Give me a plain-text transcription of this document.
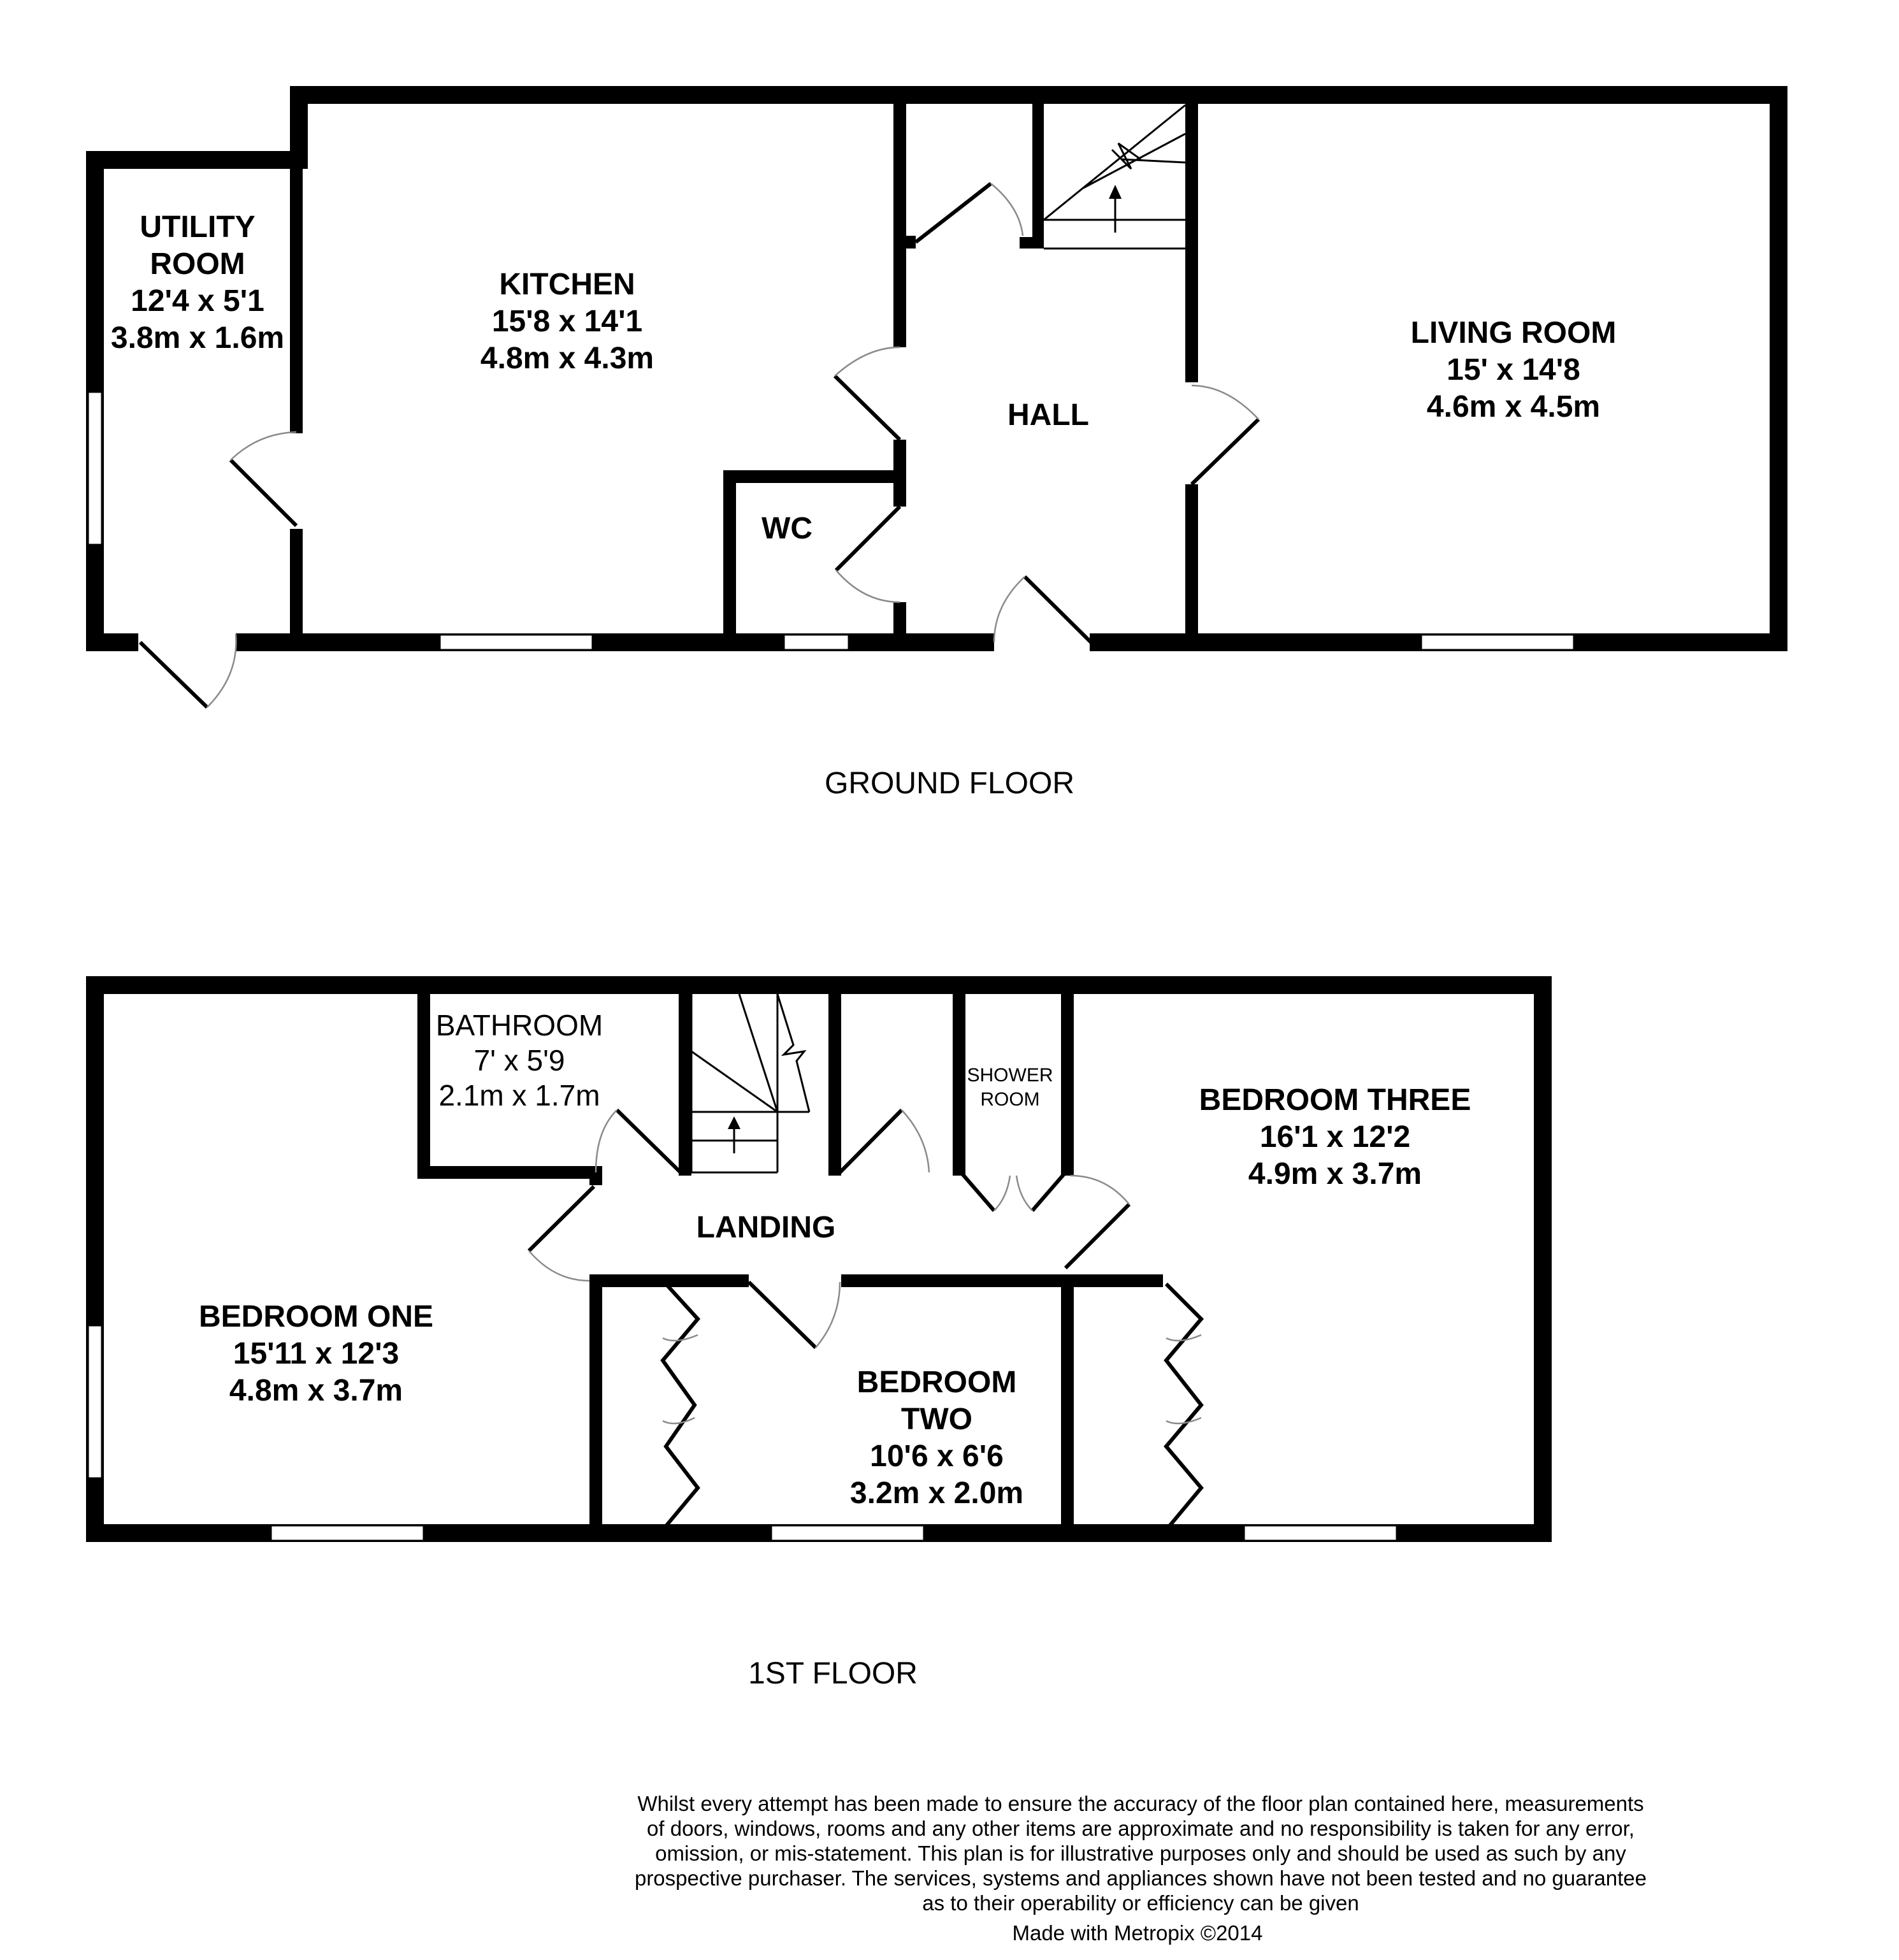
UTILITY
ROOM
12'4 x 5'1
3.8m x 1.6m
KITCHEN
15'8 x 14'1
4.8m x 4.3m
HALL
WC
LIVING ROOM
15' x 14'8
4.6m x 4.5m
GROUND FLOOR
BATHROOM
7' x 5'9
2.1m x 1.7m
SHOWER
ROOM	BEDROOM THREE
16'1 x 12'2
4.9m x 3.7m
LANDING
BEDROOM ONE
15'11 x 12'3
4.8m x 3.7m	BEDROOM
TWO
10'6 x 6'6
3.2m x 2.0m
1ST FLOOR
Whilst every attempt has been made to ensure the accuracy of the floor plan contained here, measurements
of doors, windows, rooms and any other items are approximate and no responsibility is taken for any error,
omission, or mis-statement. This plan is for illustrative purposes only and should be used as such by any
prospective purchaser. The services, systems and appliances shown have not been tested and no guarantee
as to their operability or efficiency can be given
Made with Metropix ©2014
